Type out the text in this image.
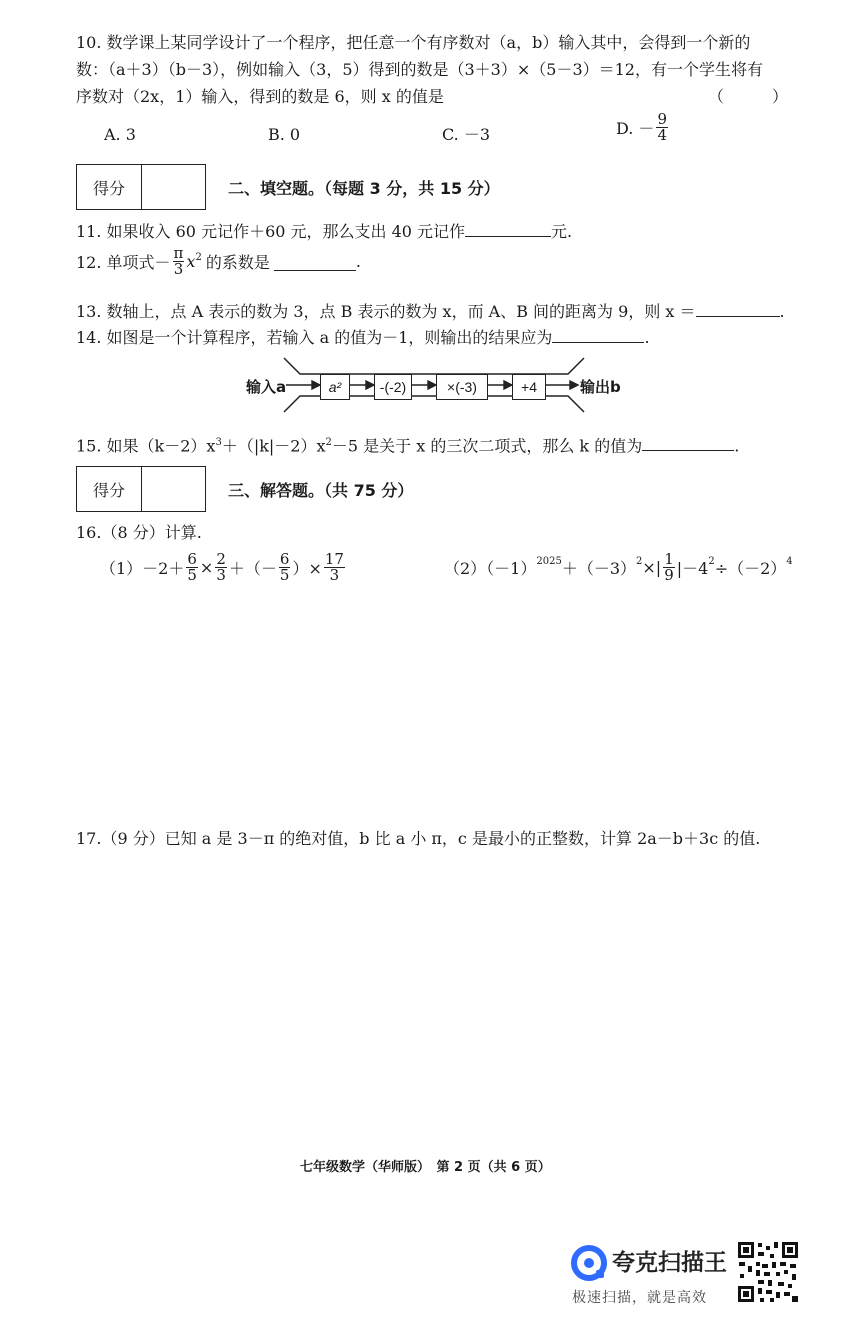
10. 数学课上某同学设计了一个程序，把任意一个有序数对（a，b）输入其中，会得到一个新的
数：（a＋3）（b－3），例如输入（3，5）得到的数是（3＋3）×（5－3）＝12，有一个学生将有
序数对（2x，1）输入，得到的数是 6，则 x 的值是	（　　　）
A. 3	B. 0	C. －3	D. － $\frac{9}{4}$
得分	二、填空题。（每题 3 分，共 15 分）
11. 如果收入 60 元记作＋60 元，那么支出 40 元记作	元.
12. 单项式－ $\frac{\pi}{3} x^2$ 的系数是	.
13. 数轴上，点 A 表示的数为 3，点 B 表示的数为 x，而 A、B 间的距离为 9，则 x ＝	.
14. 如图是一个计算程序，若输入 a 的值为－1，则输出的结果应为	.
输入a	a²	-(-2)	×(-3)	+4	输出b
15. 如果$(k-2)x^3+(|k|-2)x^2-5$ 是关于 x 的三次二项式，那么 k 的值为	.
得分	三、解答题。（共 75 分）
16.（8 分）计算.
$(1)-2+ \frac{6}{5} \times \frac{2}{3}$ ＋（－ $\frac{6}{5}$ ）× $\frac{17}{3}$	$(2)(-1)^{2025} +(-3)^2$ ×| $\frac{1}{9} |-4^2 \div(-2)^4$
17.（9 分）已知 a 是 3－π 的绝对值，b 比 a 小 π，c 是最小的正整数，计算 2a－b＋3c 的值.
七年级数学（华师版）　第 2 页（共 6 页）
夸克扫描王
极速扫描，就是高效
